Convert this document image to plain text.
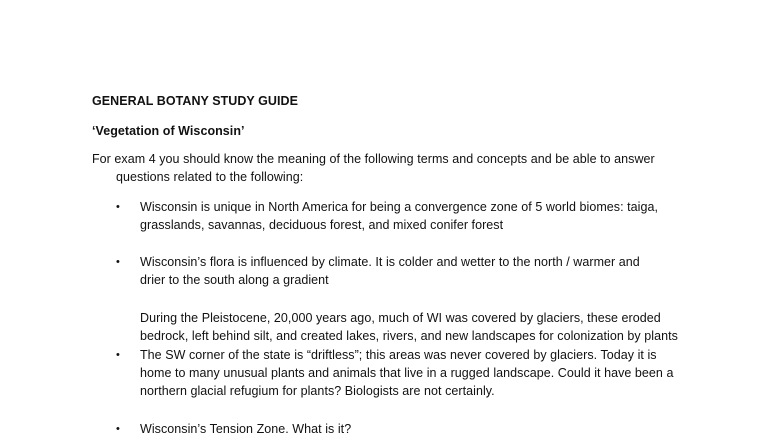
GENERAL BOTANY STUDY GUIDE
‘Vegetation of Wisconsin’
For exam 4 you should know the meaning of the following terms and concepts and be able to answer
questions related to the following:
• Wisconsin is unique in North America for being a convergence zone of 5 world biomes: taiga,
grasslands, savannas, deciduous forest, and mixed conifer forest
• Wisconsin’s flora is influenced by climate. It is colder and wetter to the north / warmer and
drier to the south along a gradient
During the Pleistocene, 20,000 years ago, much of WI was covered by glaciers, these eroded
bedrock, left behind silt, and created lakes, rivers, and new landscapes for colonization by plants
• The SW corner of the state is “driftless”; this areas was never covered by glaciers. Today it is
home to many unusual plants and animals that live in a rugged landscape. Could it have been a
northern glacial refugium for plants? Biologists are not certainly.
• Wisconsin’s Tension Zone. What is it?
